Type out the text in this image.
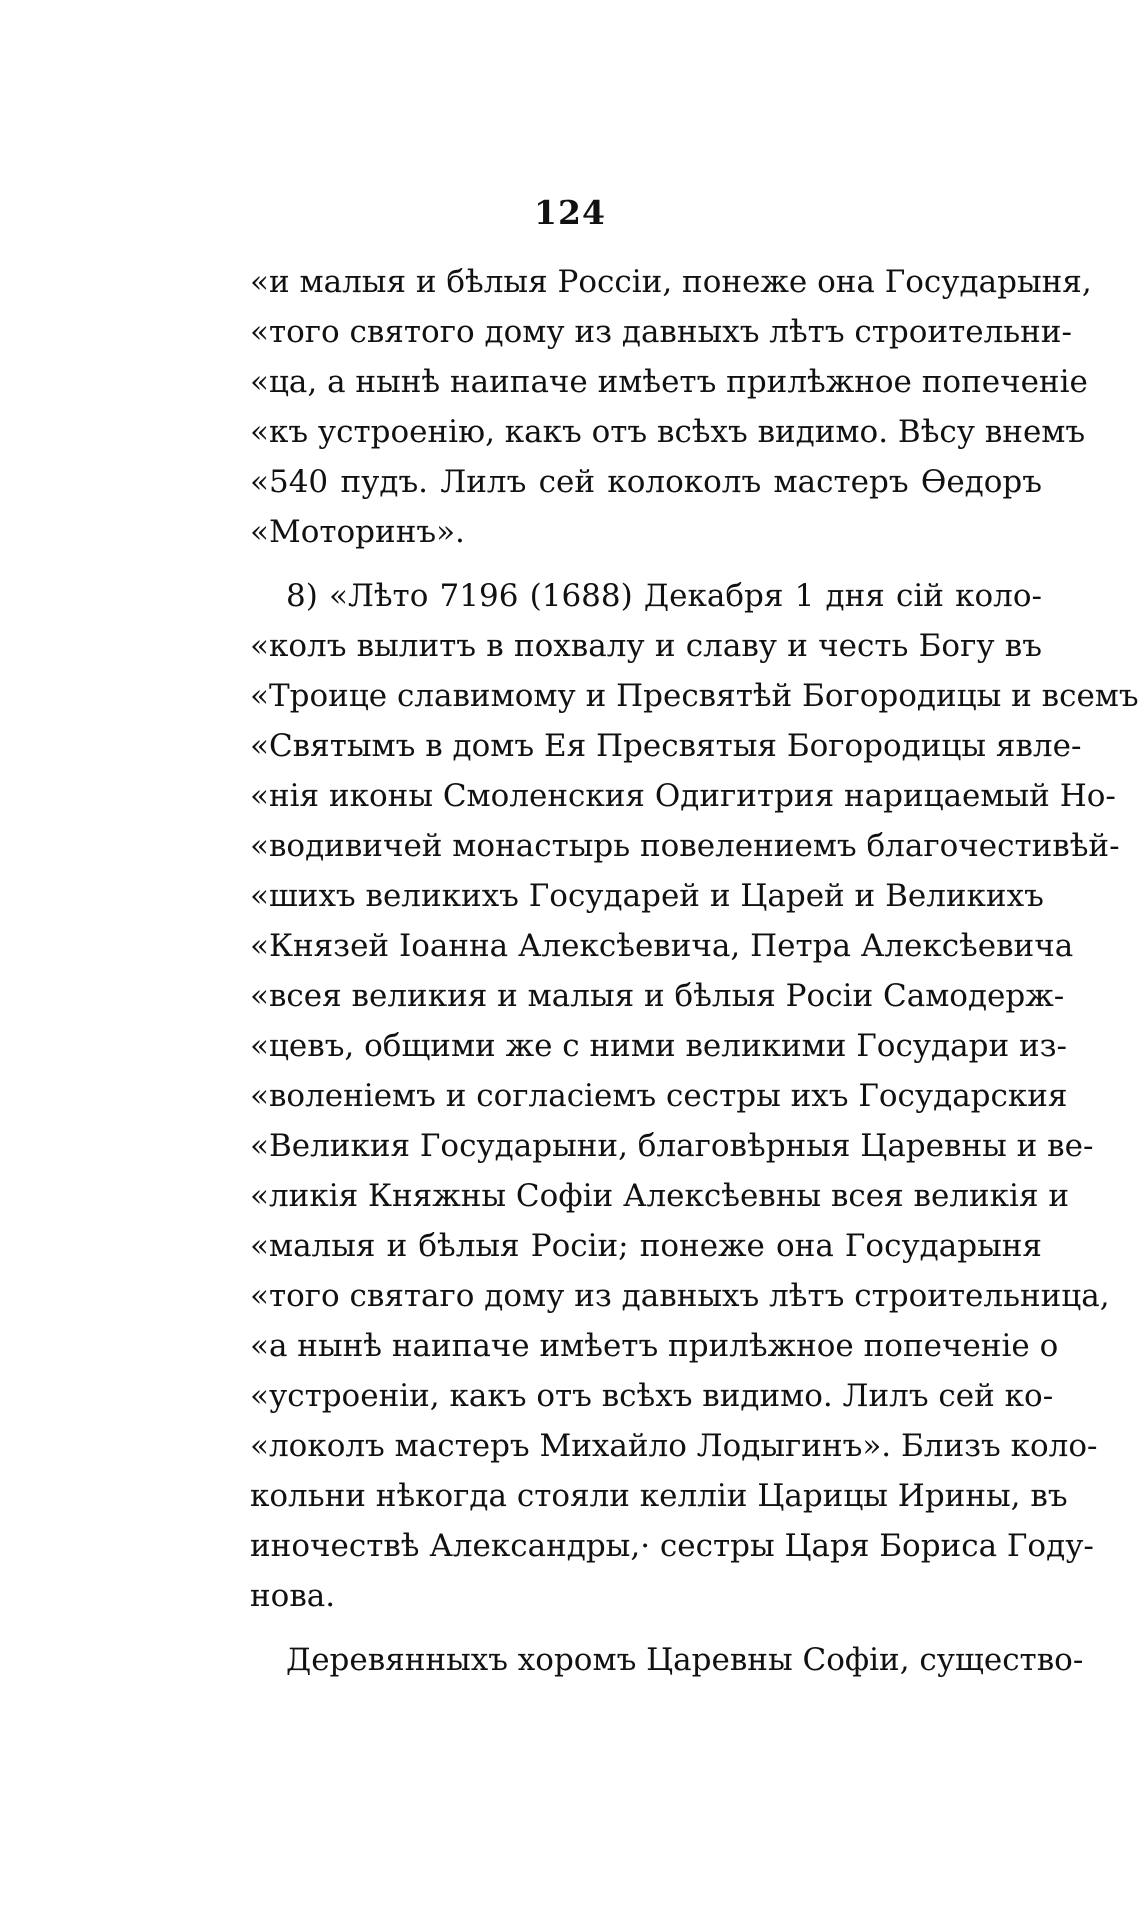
124
«и малыя и бѣлыя Россіи, понеже она Государыня,
«того святого дому из давныхъ лѣтъ строительни-
«ца, а нынѣ наипаче имѣетъ прилѣжное попеченіе
«къ устроенію, какъ отъ всѣхъ видимо. Вѣсу внемъ
«540 пудъ. Лилъ сей колоколъ мастеръ Ѳедоръ
«Моторинъ».
8) «Лѣто 7196 (1688) Декабря 1 дня сій коло-
«колъ вылитъ в похвалу и славу и честь Богу въ
«Троице славимому и Пресвятѣй Богородицы и всемъ
«Святымъ в домъ Ея Пресвятыя Богородицы явле-
«нія иконы Смоленския Одигитрия нарицаемый Но-
«водивичей монастырь повелениемъ благочестивѣй-
«шихъ великихъ Государей и Царей и Великихъ
«Князей Іоанна Алексѣевича, Петра Алексѣевича
«всея великия и малыя и бѣлыя Росіи Самодерж-
«цевъ, общими же с ними великими Государи из-
«воленіемъ и согласіемъ сестры ихъ Государския
«Великия Государыни, благовѣрныя Царевны и ве-
«ликія Княжны Софіи Алексѣевны всея великія и
«малыя и бѣлыя Росіи; понеже она Государыня
«того святаго дому из давныхъ лѣтъ строительница,
«а нынѣ наипаче имѣетъ прилѣжное попеченіе о
«устроеніи, какъ отъ всѣхъ видимо. Лилъ сей ко-
«локолъ мастеръ Михайло Лодыгинъ». Близъ коло-
кольни нѣкогда стояли келліи Царицы Ирины, въ
иночествѣ Александры,· сестры Царя Бориса Году-
нова.
Деревянныхъ хоромъ Царевны Софіи, существо-
